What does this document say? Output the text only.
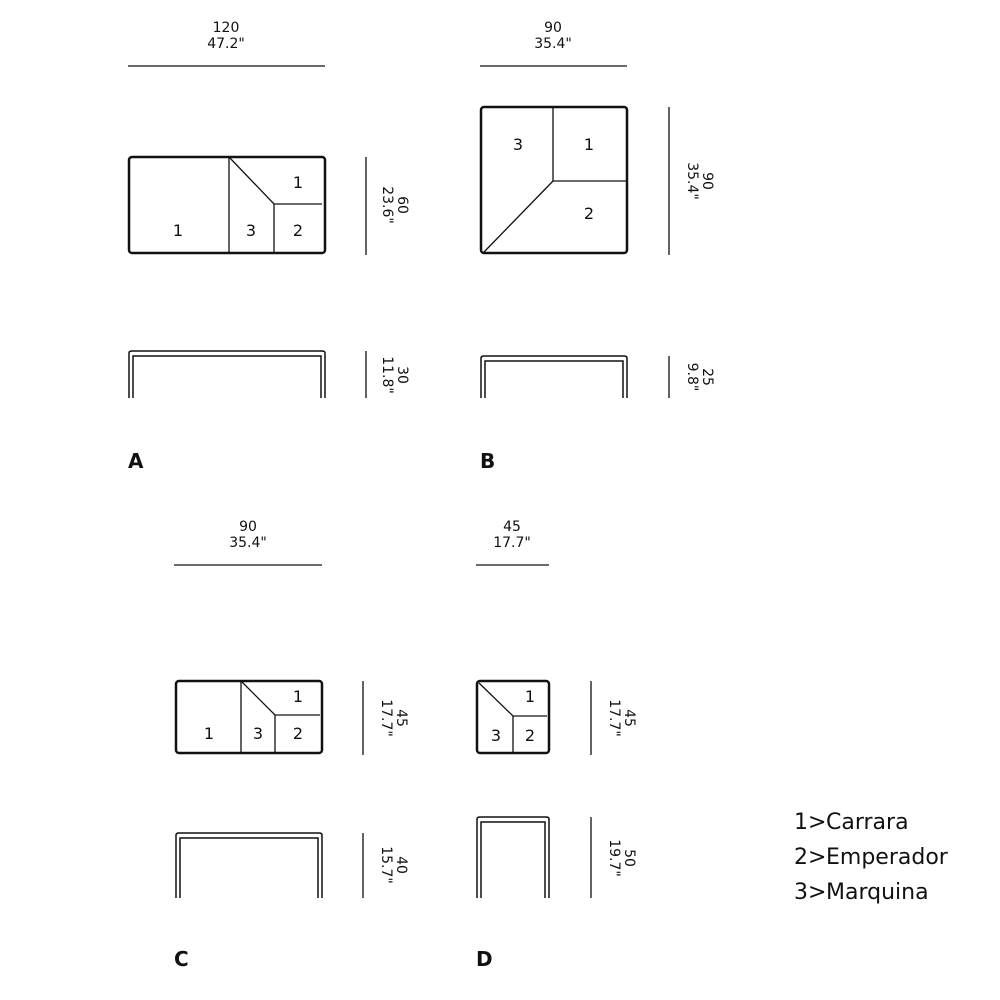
120
47.2"
1	3 2
1
60
23.6"
30
11.8"
A
90
35.4"
3	1
2
90
35.4"
25
9.8"
B
90
35.4"
1 3 2
1
45
17.7"
40
15.7"
C
45
17.7"
1
3 2
45
17.7"
50
19.7"
D
1 > Carrara
2 > Emperador
3 > Marquina
